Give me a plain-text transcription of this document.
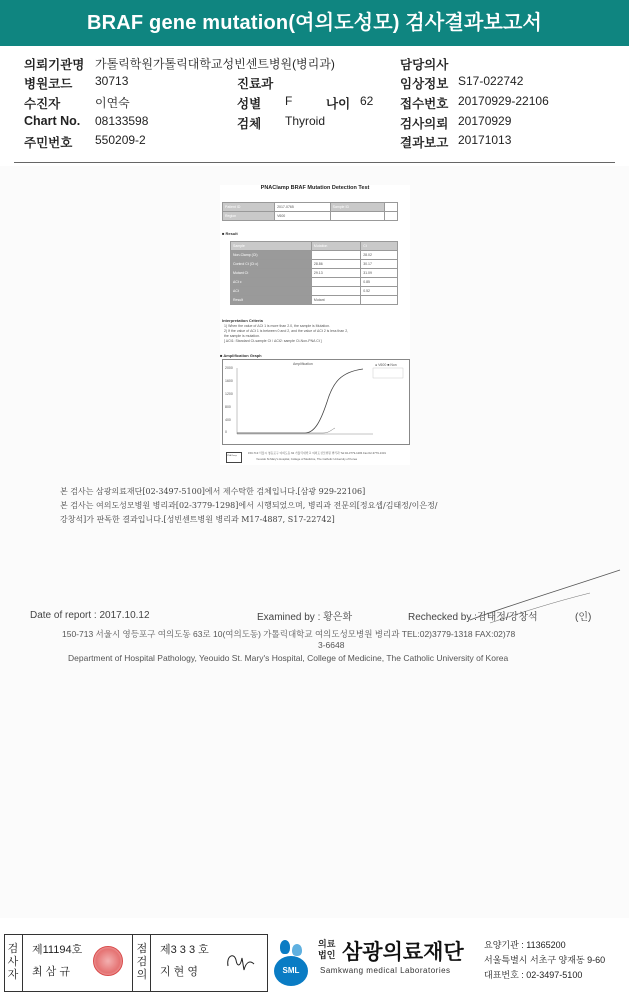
BRAF gene mutation(여의도성모) 검사결과보고서
의뢰기관명 가톨릭학원가톨릭대학교성빈센트병원(병리과)	담당의사
병원코드 30713	진료과	임상정보 S17-022742
수진자	이연숙	성별 F	나이 62 접수번호 20170929-22106
Chart No. 08133598	검체 Thyroid	검사의뢰 20170929
주민번호 550209-2	결과보고 20171013
PNAClamp BRAF Mutation Detection Test
Patient ID	2017-0765	Sample ID	
Region	V600		
■ Result
Sample	Mutation	Ct
Non-Clamp (Ct)		28.02
Control Ct (Ct c)	28.86	30.17
Mutant Ct	29.13	31.09
ΔCt c		0.85
ΔCt		0.52
Result	Mutant	
Interpretation Criteria
1) When the value of ΔCt 1 is more than 2.0, the sample is Mutation.
2) If the value of ΔCt 1 is between 0 and 2, and the value of ΔCt 2 is less than 2,
the sample is mutation.
[ ΔCt1: Standard Ct-sample Ct / ΔCt2: sample Ct-Non-PNA Ct ]
■ Amplification Graph
Amplification	● V600 ■ Non
2000
1600
1200
800
400
0
PNAClamp
150-713 서울시 영등포구 여의도동 62 가톨릭대학교 여의도성모병원 병리과 Tel:02-3779-1284 Fax:02-3779-1331
Yeouido St.Mary's Hospital, College of Medicine, The Catholic University of Korea
본 검사는 삼광의료재단[02-3497-5100]에서 제수탁한 검체입니다.[삼광 929-22106]
본 검사는 여의도성모병원 병리과[02-3779-1298]에서 시행되었으며, 병리과 전문의[정요셉/김태정/이은정/
강창석]가 판독한 결과입니다.[성빈센트병원 병리과 M17-4887, S17-22742]
Date of report : 2017.10.12	Examined by : 황은화	Rechecked by :김태정/강창석	(인)
150-713 서울시 영등포구 여의도동 63로 10(여의도동) 가톨릭대학교 여의도성모병원 병리과 TEL:02)3779-1318 FAX:02)78
3-6648
Department of Hospital Pathology, Yeouido St. Mary's Hospital, College of Medicine, The Catholic University of Korea
검사자
제11194호
최 삼 규
점검의
제3 3 3 호
지 현 영	SML
의료법인 삼광의료재단
Samkwang medical Laboratories
요양기관 : 11365200
서울특별시 서초구 양재동 9-60
대표번호 : 02-3497-5100
